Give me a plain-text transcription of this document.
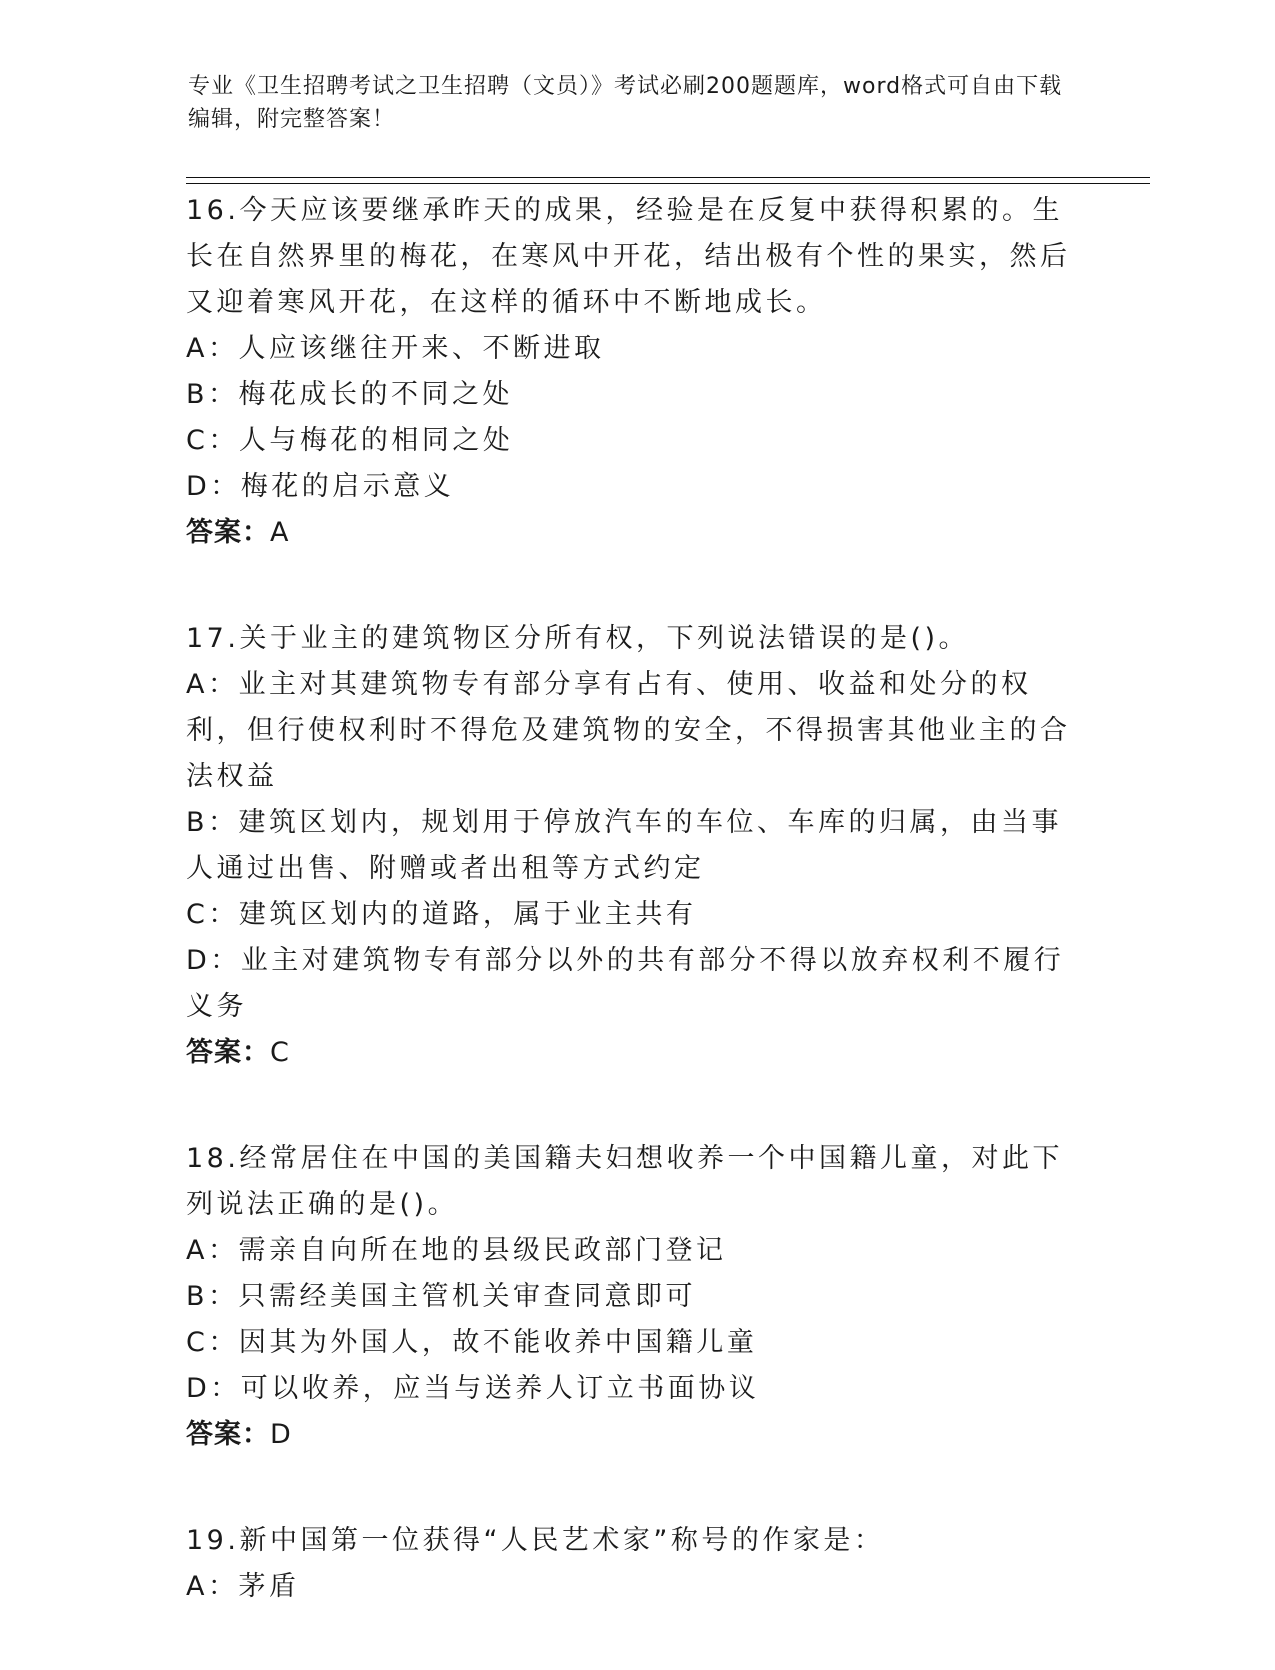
专业《卫生招聘考试之卫生招聘（文员）》考试必刷200题题库，word格式可自由下载编辑，附完整答案！
16.今天应该要继承昨天的成果，经验是在反复中获得积累的。生长在自然界里的梅花，在寒风中开花，结出极有个性的果实，然后又迎着寒风开花，在这样的循环中不断地成长。
A：人应该继往开来、不断进取
B：梅花成长的不同之处
C：人与梅花的相同之处
D：梅花的启示意义
答案：A
17.关于业主的建筑物区分所有权，下列说法错误的是()。
A：业主对其建筑物专有部分享有占有、使用、收益和处分的权利，但行使权利时不得危及建筑物的安全，不得损害其他业主的合法权益
B：建筑区划内，规划用于停放汽车的车位、车库的归属，由当事人通过出售、附赠或者出租等方式约定
C：建筑区划内的道路，属于业主共有
D：业主对建筑物专有部分以外的共有部分不得以放弃权利不履行义务
答案：C
18.经常居住在中国的美国籍夫妇想收养一个中国籍儿童，对此下列说法正确的是()。
A：需亲自向所在地的县级民政部门登记
B：只需经美国主管机关审查同意即可
C：因其为外国人，故不能收养中国籍儿童
D：可以收养，应当与送养人订立书面协议
答案：D
19.新中国第一位获得“人民艺术家”称号的作家是：
A：茅盾
